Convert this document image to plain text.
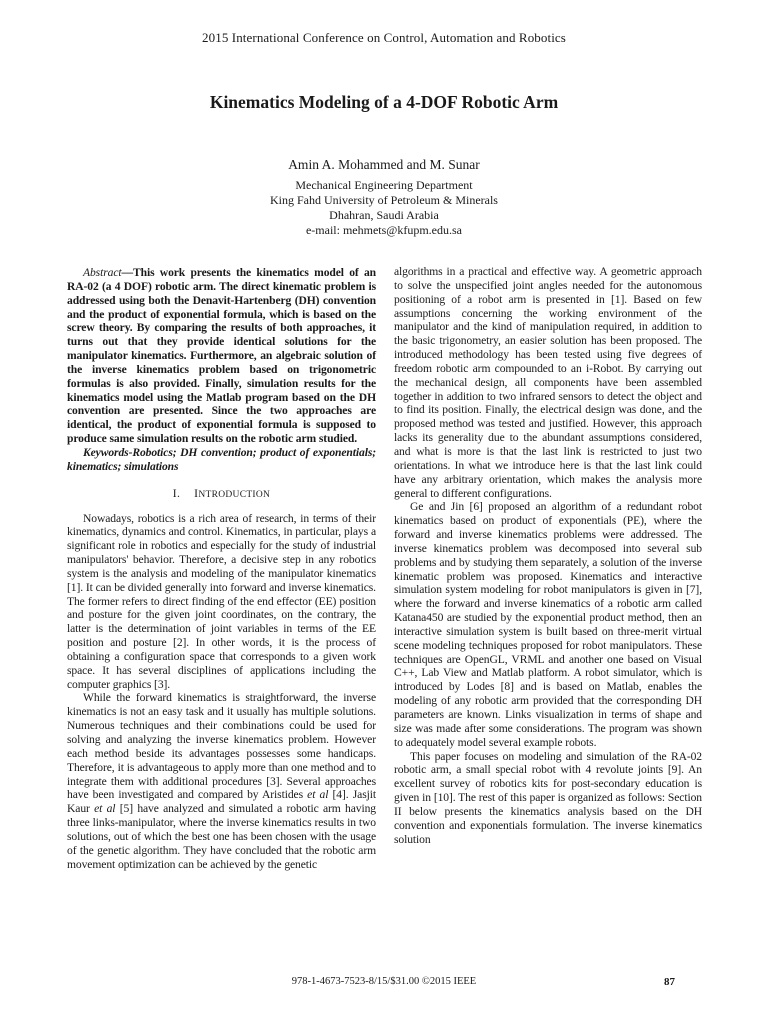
2015 International Conference on Control, Automation and Robotics
Kinematics Modeling of a 4-DOF Robotic Arm
Amin A. Mohammed and M. Sunar
Mechanical Engineering Department
King Fahd University of Petroleum & Minerals
Dhahran, Saudi Arabia
e-mail: mehmets@kfupm.edu.sa

Abstract—This work presents the kinematics model of an RA-02 (a 4 DOF) robotic arm. The direct kinematic problem is addressed using both the Denavit-Hartenberg (DH) convention and the product of exponential formula, which is based on the screw theory. By comparing the results of both approaches, it turns out that they provide identical solutions for the manipulator kinematics. Furthermore, an algebraic solution of the inverse kinematics problem based on trigonometric formulas is also provided. Finally, simulation results for the kinematics model using the Matlab program based on the DH convention are presented. Since the two approaches are identical, the product of exponential formula is supposed to produce same simulation results on the robotic arm studied.

Keywords-Robotics; DH convention; product of exponentials; kinematics; simulations

I. INTRODUCTION

Nowadays, robotics is a rich area of research, in terms of their kinematics, dynamics and control. Kinematics, in particular, plays a significant role in robotics and especially for the study of industrial manipulators' behavior. Therefore, a decisive step in any robotics system is the analysis and modeling of the manipulator kinematics [1]. It can be divided generally into forward and inverse kinematics. The former refers to direct finding of the end effector (EE) position and posture for the given joint coordinates, on the contrary, the latter is the determination of joint variables in terms of the EE position and posture [2]. In other words, it is the process of obtaining a configuration space that corresponds to a given work space. It has several disciplines of applications including the computer graphics [3].

While the forward kinematics is straightforward, the inverse kinematics is not an easy task and it usually has multiple solutions. Numerous techniques and their combinations could be used for solving and analyzing the inverse kinematics problem. However each method beside its advantages possesses some handicaps. Therefore, it is advantageous to apply more than one method and to integrate them with additional procedures [3]. Several approaches have been investigated and compared by Aristides et al [4]. Jasjit Kaur et al [5] have analyzed and simulated a robotic arm having three links-manipulator, where the inverse kinematics results in two solutions, out of which the best one has been chosen with the usage of the genetic algorithm. They have concluded that the robotic arm movement optimization can be achieved by the genetic

algorithms in a practical and effective way. A geometric approach to solve the unspecified joint angles needed for the autonomous positioning of a robot arm is presented in [1]. Based on few assumptions concerning the working environment of the manipulator and the kind of manipulation required, in addition to the basic trigonometry, an easier solution has been proposed. The introduced methodology has been tested using five degrees of freedom robotic arm compounded to an i-Robot. By carrying out the mechanical design, all components have been assembled together in addition to two infrared sensors to detect the object and to find its position. Finally, the electrical design was done, and the proposed method was tested and justified. However, this approach lacks its generality due to the abundant assumptions considered, and what is more is that the last link is restricted to just two orientations. In what we introduce here is that the last link could have any arbitrary orientation, which makes the analysis more general to different configurations.

Ge and Jin [6] proposed an algorithm of a redundant robot kinematics based on product of exponentials (PE), where the forward and inverse kinematics problems were addressed. The inverse kinematics problem was decomposed into several sub problems and by studying them separately, a solution of the inverse kinematic problem was proposed. Kinematics and interactive simulation system modeling for robot manipulators is given in [7], where the forward and inverse kinematics of a robotic arm called Katana450 are studied by the exponential product method, then an interactive simulation system is built based on three-merit virtual scene modeling techniques proposed for robot manipulators. These techniques are OpenGL, VRML and another one based on Visual C++, Lab View and Matlab platform. A robot simulator, which is introduced by Lodes [8] and is based on Matlab, enables the modeling of any robotic arm provided that the corresponding DH parameters are known. Links visualization in terms of shape and size was made after some considerations. The program was shown to adequately model several example robots.

This paper focuses on modeling and simulation of the RA-02 robotic arm, a small special robot with 4 revolute joints [9]. An excellent survey of robotics kits for post-secondary education is given in [10]. The rest of this paper is organized as follows: Section II below presents the kinematics analysis based on the DH convention and exponentials formulation. The inverse kinematics solution

978-1-4673-7523-8/15/$31.00 ©2015 IEEE	87
